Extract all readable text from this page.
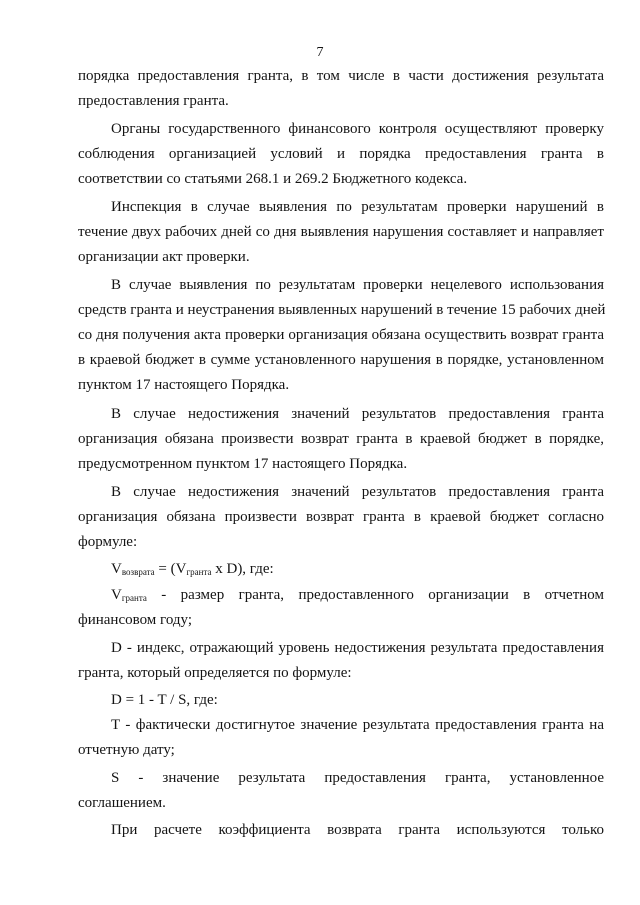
7
порядка предоставления гранта, в том числе в части достижения результата
предоставления гранта.
Органы государственного финансового контроля осуществляют проверку
соблюдения организацией условий и порядка предоставления гранта в
соответствии со статьями 268.1 и 269.2 Бюджетного кодекса.
Инспекция в случае выявления по результатам проверки нарушений в
течение двух рабочих дней со дня выявления нарушения составляет и направляет
организации акт проверки.
В случае выявления по результатам проверки нецелевого использования
средств гранта и неустранения выявленных нарушений в течение 15 рабочих дней
со дня получения акта проверки организация обязана осуществить возврат гранта
в краевой бюджет в сумме установленного нарушения в порядке, установленном
пунктом 17 настоящего Порядка.
В случае недостижения значений результатов предоставления гранта
организация обязана произвести возврат гранта в краевой бюджет в порядке,
предусмотренном пунктом 17 настоящего Порядка.
В случае недостижения значений результатов предоставления гранта
организация обязана произвести возврат гранта в краевой бюджет согласно
формуле:
$V_{возврата} = (V_{гранта}$ x D), где:
$V_{гранта}$ - размер гранта, предоставленного организации в отчетном
финансовом году;
D - индекс, отражающий уровень недостижения результата предоставления
гранта, который определяется по формуле:
D = 1 - T / S, где:
T - фактически достигнутое значение результата предоставления гранта на
отчетную дату;
S - значение результата предоставления гранта, установленное
соглашением.
При расчете коэффициента возврата гранта используются только
